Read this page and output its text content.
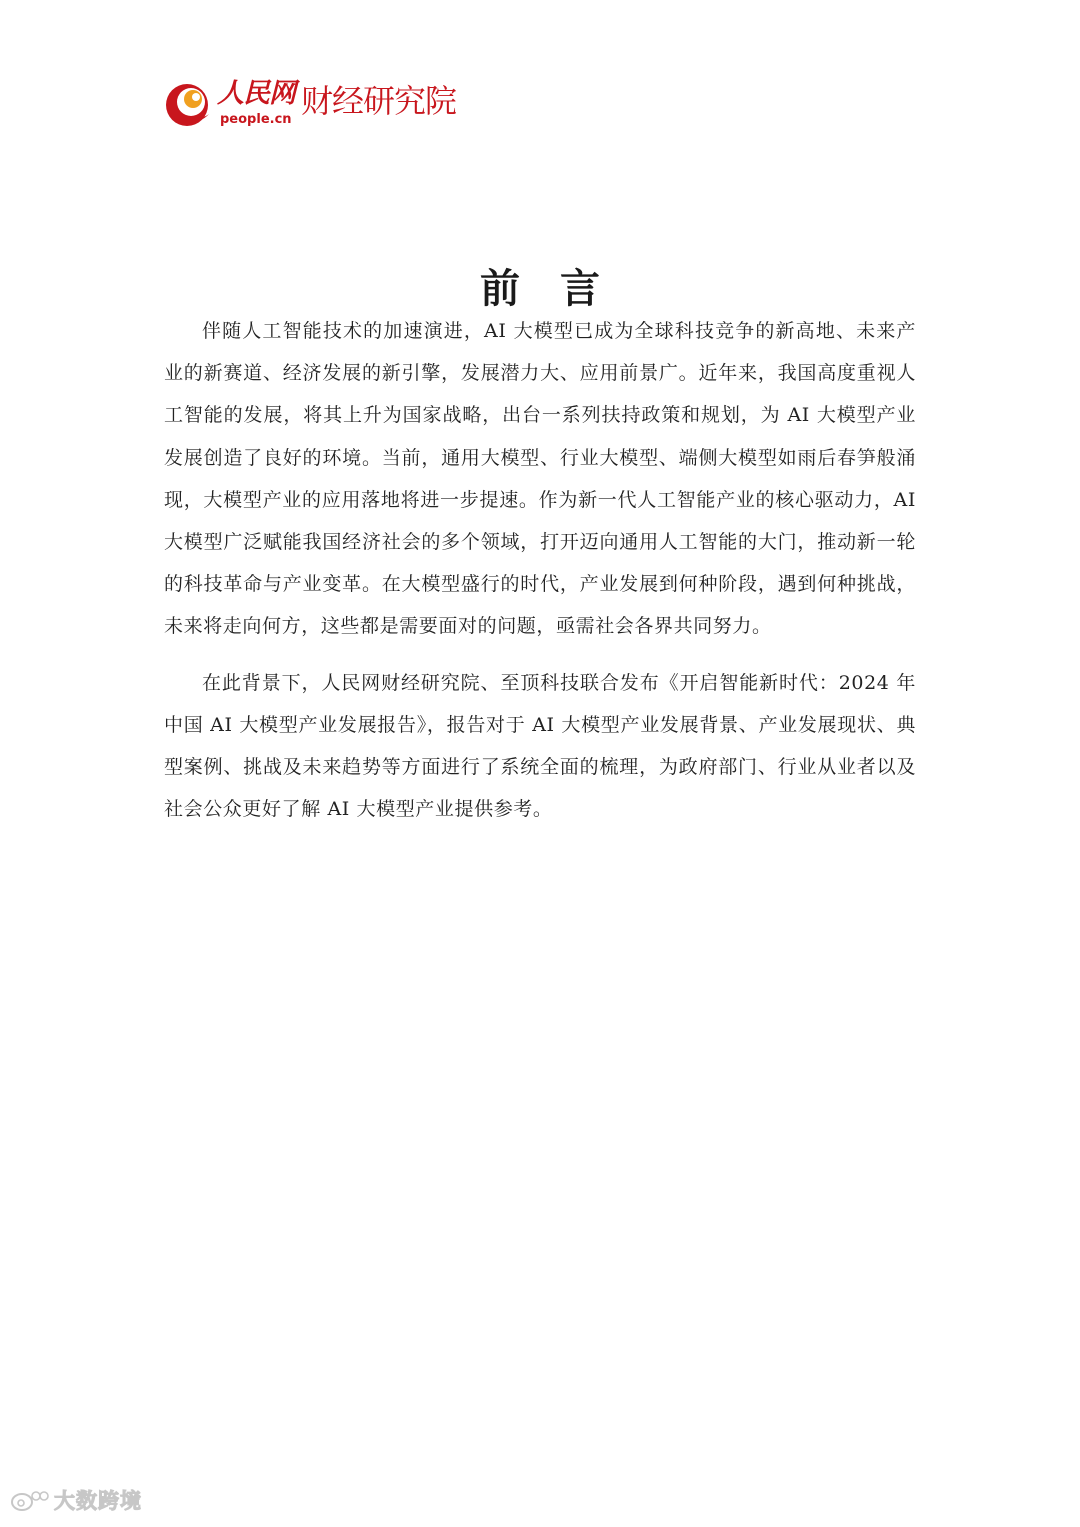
人民网
people.cn 财经研究院
前言

伴随人工智能技术的加速演进，AI 大模型已成为全球科技竞争的新高地、未来产业的新赛道、经济发展的新引擎，发展潜力大、应用前景广。近年来，我国高度重视人工智能的发展，将其上升为国家战略，出台一系列扶持政策和规划，为 AI 大模型产业发展创造了良好的环境。当前，通用大模型、行业大模型、端侧大模型如雨后春笋般涌现，大模型产业的应用落地将进一步提速。作为新一代人工智能产业的核心驱动力，AI 大模型广泛赋能我国经济社会的多个领域，打开迈向通用人工智能的大门，推动新一轮的科技革命与产业变革。在大模型盛行的时代，产业发展到何种阶段，遇到何种挑战，未来将走向何方，这些都是需要面对的问题，亟需社会各界共同努力。

在此背景下，人民网财经研究院、至顶科技联合发布《开启智能新时代：2024 年中国 AI 大模型产业发展报告》，报告对于 AI 大模型产业发展背景、产业发展现状、典型案例、挑战及未来趋势等方面进行了系统全面的梳理，为政府部门、行业从业者以及社会公众更好了解 AI 大模型产业提供参考。

大数跨境
